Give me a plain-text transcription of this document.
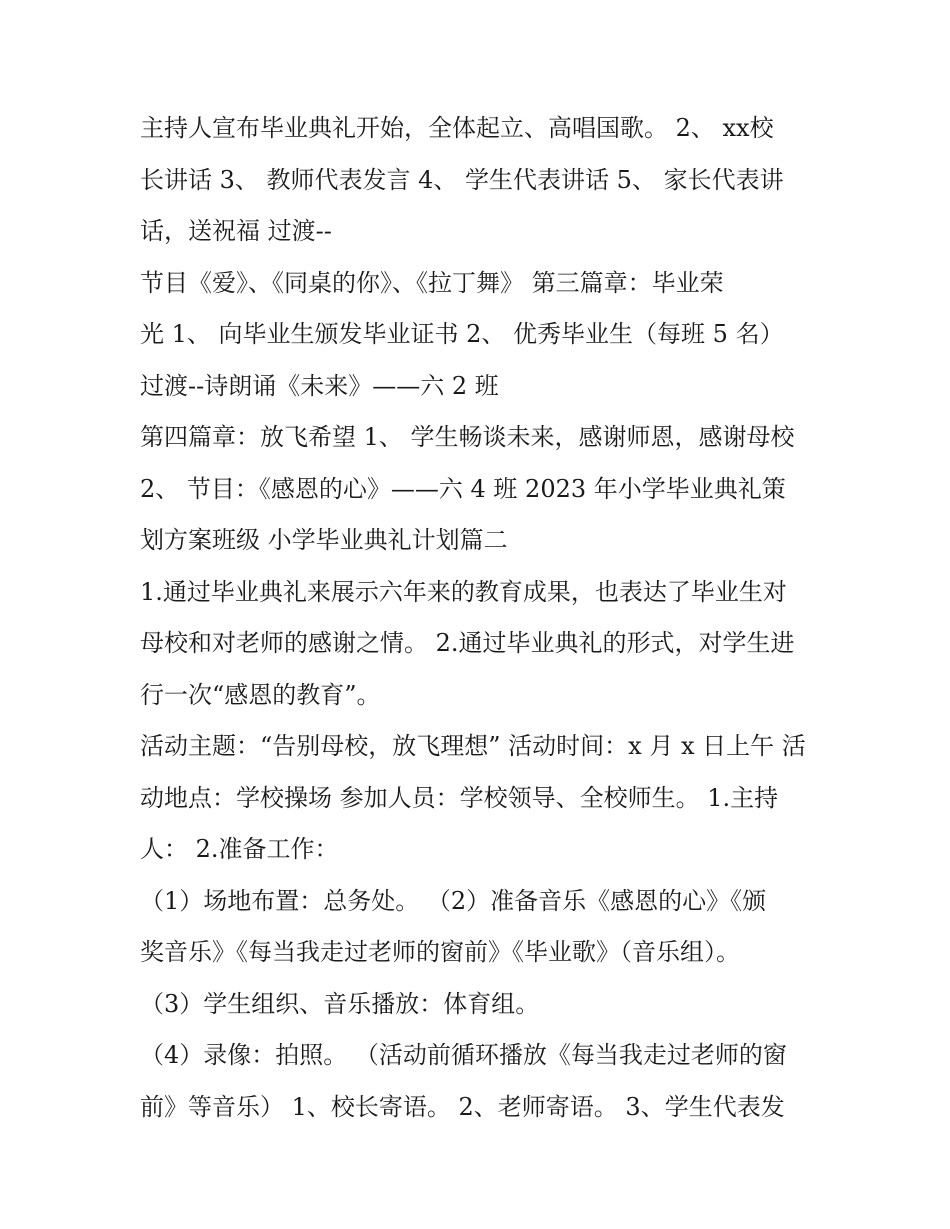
主持人宣布毕业典礼开始，全体起立、高唱国歌。 2、 xx校
长讲话 3、 教师代表发言 4、 学生代表讲话 5、 家长代表讲
话，送祝福 过渡--
节目《爱》、《同桌的你》、《拉丁舞》 第三篇章：毕业荣
光 1、 向毕业生颁发毕业证书 2、 优秀毕业生（每班 5 名）
过渡--诗朗诵《未来》——六 2 班
第四篇章：放飞希望 1、 学生畅谈未来，感谢师恩，感谢母校
2、 节目：《感恩的心》——六 4 班 2023 年小学毕业典礼策
划方案班级 小学毕业典礼计划篇二
1.通过毕业典礼来展示六年来的教育成果，也表达了毕业生对
母校和对老师的感谢之情。 2.通过毕业典礼的形式，对学生进
行一次“感恩的教育”。
活动主题：“告别母校，放飞理想” 活动时间：x 月 x 日上午 活
动地点：学校操场 参加人员：学校领导、全校师生。 1.主持
人： 2.准备工作：
（1）场地布置：总务处。 （2）准备音乐《感恩的心》《颁
奖音乐》《每当我走过老师的窗前》《毕业歌》（音乐组）。
（3）学生组织、音乐播放：体育组。
（4）录像：拍照。 （活动前循环播放《每当我走过老师的窗
前》等音乐） 1、校长寄语。 2、老师寄语。 3、学生代表发
